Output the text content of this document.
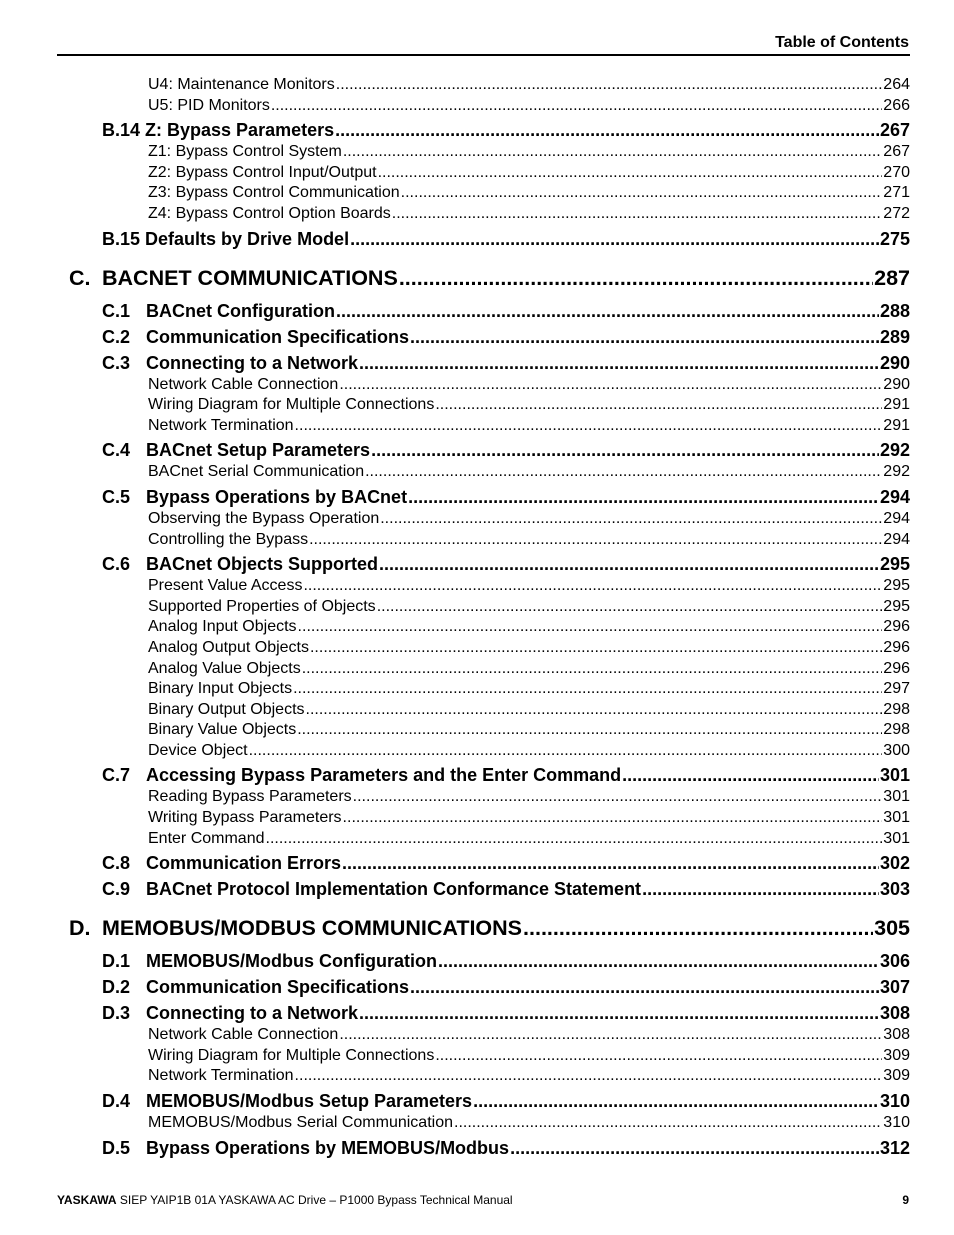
Table of Contents
U4: Maintenance Monitors .....	264
U5: PID Monitors .....	266
B.14 Z: Bypass Parameters .....	267
Z1: Bypass Control System .....	267
Z2: Bypass Control Input/Output .....	270
Z3: Bypass Control Communication .....	271
Z4: Bypass Control Option Boards .....	272
B.15 Defaults by Drive Model .....	275
C. BACNET COMMUNICATIONS .....	287
C.1 BACnet Configuration .....	288
C.2 Communication Specifications .....	289
C.3 Connecting to a Network .....	290
Network Cable Connection .....	290
Wiring Diagram for Multiple Connections .....	291
Network Termination .....	291
C.4 BACnet Setup Parameters .....	292
BACnet Serial Communication .....	292
C.5 Bypass Operations by BACnet .....	294
Observing the Bypass Operation .....	294
Controlling the Bypass .....	294
C.6 BACnet Objects Supported .....	295
Present Value Access .....	295
Supported Properties of Objects .....	295
Analog Input Objects .....	296
Analog Output Objects .....	296
Analog Value Objects .....	296
Binary Input Objects .....	297
Binary Output Objects .....	298
Binary Value Objects .....	298
Device Object .....	300
C.7 Accessing Bypass Parameters and the Enter Command .....	301
Reading Bypass Parameters .....	301
Writing Bypass Parameters .....	301
Enter Command .....	301
C.8 Communication Errors .....	302
C.9 BACnet Protocol Implementation Conformance Statement .....	303
D. MEMOBUS/MODBUS COMMUNICATIONS .....	305
D.1 MEMOBUS/Modbus Configuration .....	306
D.2 Communication Specifications .....	307
D.3 Connecting to a Network .....	308
Network Cable Connection .....	308
Wiring Diagram for Multiple Connections .....	309
Network Termination .....	309
D.4 MEMOBUS/Modbus Setup Parameters .....	310
MEMOBUS/Modbus Serial Communication .....	310
D.5 Bypass Operations by MEMOBUS/Modbus .....	312
YASKAWA SIEP YAIP1B 01A YASKAWA AC Drive – P1000 Bypass Technical Manual	9
